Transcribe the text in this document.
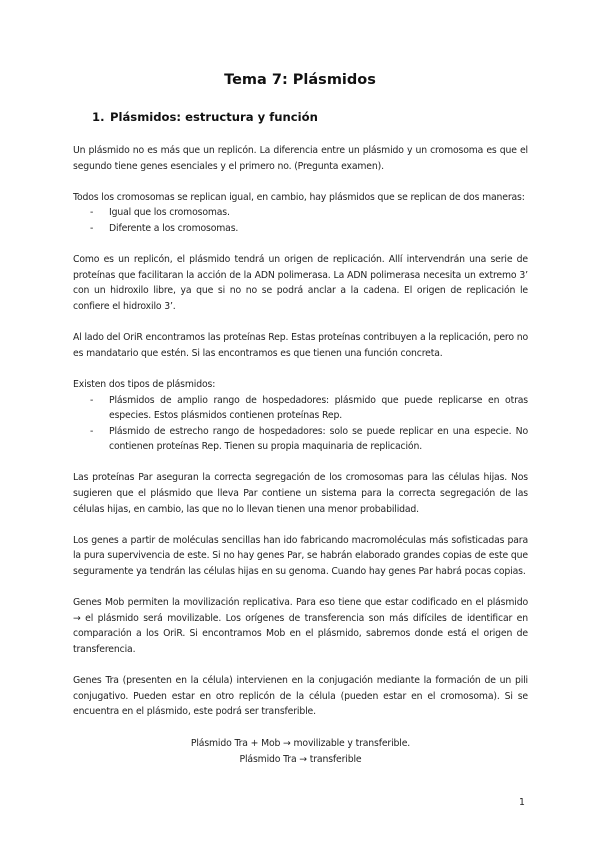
Tema 7: Plásmidos
1. Plásmidos: estructura y función

Un plásmido no es más que un replicón. La diferencia entre un plásmido y un cromosoma es que el segundo tiene genes esenciales y el primero no. (Pregunta examen).

Todos los cromosomas se replican igual, en cambio, hay plásmidos que se replican de dos maneras:

- Igual que los cromosomas.
- Diferente a los cromosomas.

Como es un replicón, el plásmido tendrá un origen de replicación. Allí intervendrán una serie de proteínas que facilitaran la acción de la ADN polimerasa. La ADN polimerasa necesita un extremo 3’ con un hidroxilo libre, ya que si no no se podrá anclar a la cadena. El origen de replicación le confiere el hidroxilo 3’.

Al lado del OriR encontramos las proteínas Rep. Estas proteínas contribuyen a la replicación, pero no es mandatario que estén. Si las encontramos es que tienen una función concreta.

Existen dos tipos de plásmidos:

- Plásmidos de amplio rango de hospedadores: plásmido que puede replicarse en otras especies. Estos plásmidos contienen proteínas Rep.
- Plásmido de estrecho rango de hospedadores: solo se puede replicar en una especie. No contienen proteínas Rep. Tienen su propia maquinaria de replicación.

Las proteínas Par aseguran la correcta segregación de los cromosomas para las células hijas. Nos sugieren que el plásmido que lleva Par contiene un sistema para la correcta segregación de las células hijas, en cambio, las que no lo llevan tienen una menor probabilidad.

Los genes a partir de moléculas sencillas han ido fabricando macromoléculas más sofisticadas para la pura supervivencia de este. Si no hay genes Par, se habrán elaborado grandes copias de este que seguramente ya tendrán las células hijas en su genoma. Cuando hay genes Par habrá pocas copias.

Genes Mob permiten la movilización replicativa. Para eso tiene que estar codificado en el plásmido → el plásmido será movilizable. Los orígenes de transferencia son más difíciles de identificar en comparación a los OriR. Si encontramos Mob en el plásmido, sabremos donde está el origen de transferencia.

Genes Tra (presenten en la célula) intervienen en la conjugación mediante la formación de un pili conjugativo. Pueden estar en otro replicón de la célula (pueden estar en el cromosoma). Si se encuentra en el plásmido, este podrá ser transferible.

Plásmido Tra + Mob → movilizable y transferible.
Plásmido Tra → transferible
1
